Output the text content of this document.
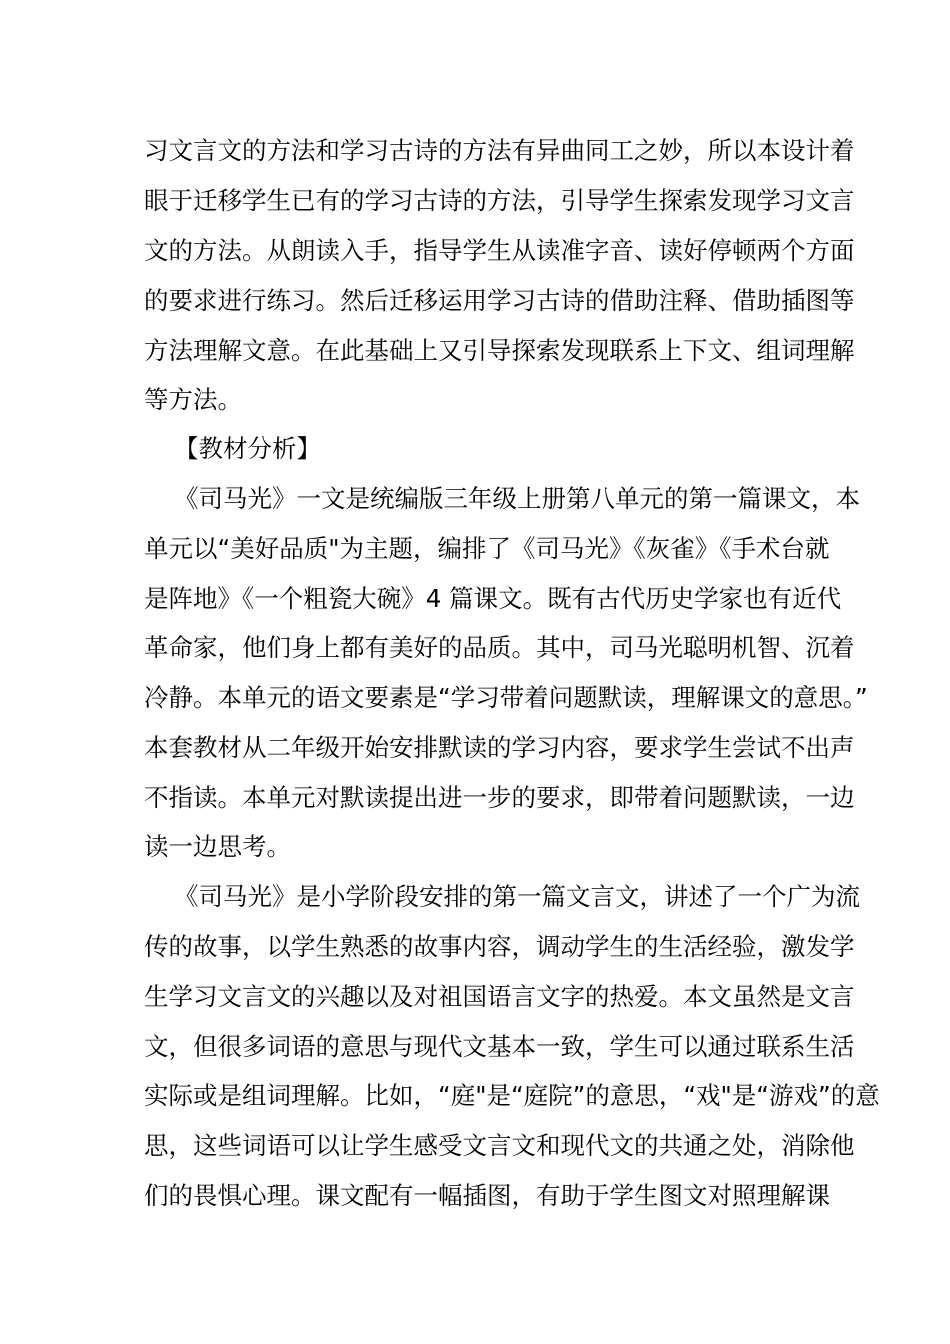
习文言文的方法和学习古诗的方法有异曲同工之妙，所以本设计着
眼于迁移学生已有的学习古诗的方法，引导学生探索发现学习文言
文的方法。从朗读入手，指导学生从读准字音、读好停顿两个方面
的要求进行练习。然后迁移运用学习古诗的借助注释、借助插图等
方法理解文意。在此基础上又引导探索发现联系上下文、组词理解
等方法。
【教材分析】
《司马光》一文是统编版三年级上册第八单元的第一篇课文，本
单元以“美好品质"为主题，编排了《司马光》《灰雀》《手术台就
是阵地》《一个粗瓷大碗》4 篇课文。既有古代历史学家也有近代
革命家，他们身上都有美好的品质。其中，司马光聪明机智、沉着
冷静。本单元的语文要素是“学习带着问题默读，理解课文的意思。”
本套教材从二年级开始安排默读的学习内容，要求学生尝试不出声
不指读。本单元对默读提出进一步的要求，即带着问题默读，一边
读一边思考。
《司马光》是小学阶段安排的第一篇文言文，讲述了一个广为流
传的故事，以学生熟悉的故事内容，调动学生的生活经验，激发学
生学习文言文的兴趣以及对祖国语言文字的热爱。本文虽然是文言
文，但很多词语的意思与现代文基本一致，学生可以通过联系生活
实际或是组词理解。比如，“庭"是“庭院”的意思，“戏"是“游戏”的意
思，这些词语可以让学生感受文言文和现代文的共通之处，消除他
们的畏惧心理。课文配有一幅插图，有助于学生图文对照理解课
